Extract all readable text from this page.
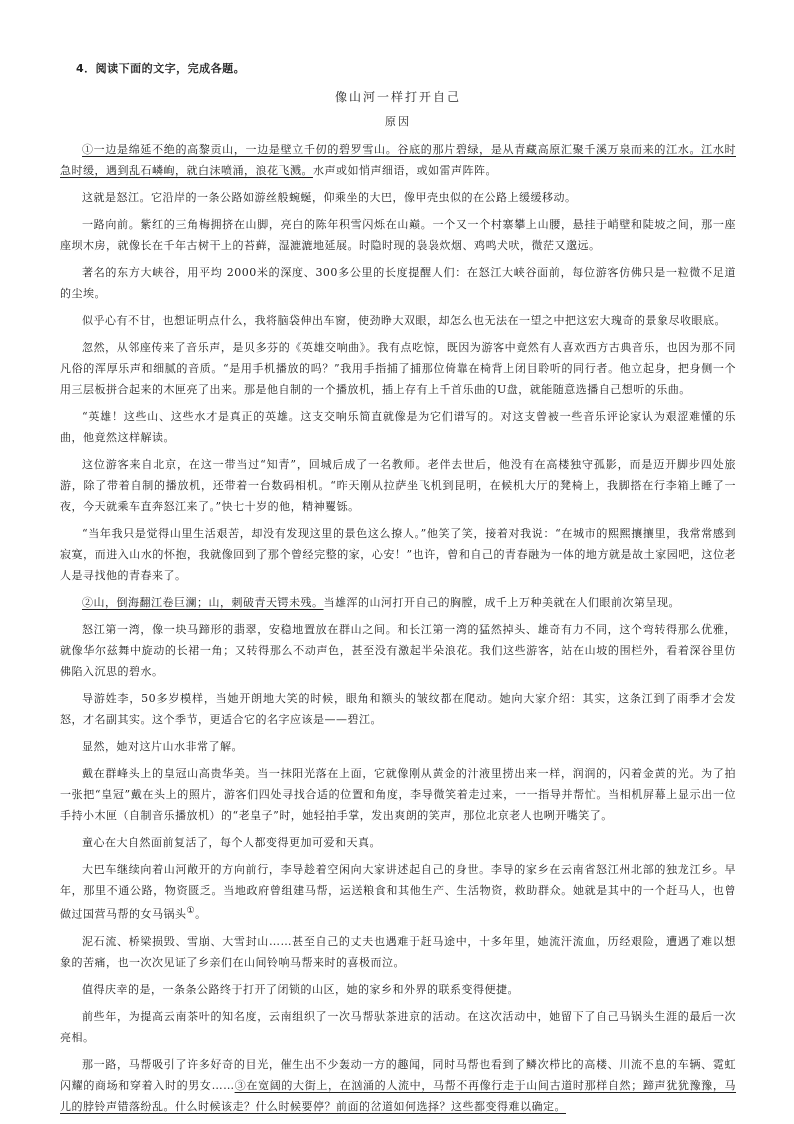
4．阅读下面的文字，完成各题。
像山河一样打开自己
原因

①一边是绵延不绝的高黎贡山，一边是壁立千仞的碧罗雪山。谷底的那片碧绿，是从青藏高原汇聚千溪万泉而来的江水。江水时急时缓，遇到乱石嶙峋，就白沫喷涌，浪花飞溅。水声或如悄声细语，或如雷声阵阵。

这就是怒江。它沿岸的一条公路如游丝般蜿蜒，仰乘坐的大巴，像甲壳虫似的在公路上缓缓移动。

一路向前。紫红的三角梅拥挤在山脚，亮白的陈年积雪闪烁在山巅。一个又一个村寨攀上山腰，悬挂于峭壁和陡坡之间，那一座座坝木房，就像长在千年古树干上的苔藓，湿漉漉地延展。时隐时现的袅袅炊烟、鸡鸣犬吠，微茫又邈远。

著名的东方大峡谷，用平均 2000米的深度、300多公里的长度提醒人们：在怒江大峡谷面前，每位游客仿佛只是一粒微不足道的尘埃。

似乎心有不甘，也想证明点什么，我将脑袋伸出车窗，使劲睁大双眼，却怎么也无法在一望之中把这宏大瑰奇的景象尽收眼底。

忽然，从邻座传来了音乐声，是贝多芬的《英雄交响曲》。我有点吃惊，既因为游客中竟然有人喜欢西方古典音乐，也因为那不同凡俗的浑厚乐声和细腻的音质。“是用手机播放的吗？”我用手指捕了捕那位倚靠在椅背上闭目聆听的同行者。他立起身，把身侧一个用三层板拼合起来的木匣亮了出来。那是他自制的一个播放机，插上存有上千首乐曲的U盘，就能随意选播自己想听的乐曲。

“英雄！这些山、这些水才是真正的英雄。这支交响乐简直就像是为它们谱写的。对这支曾被一些音乐评论家认为艰涩难懂的乐曲，他竟然这样解读。

这位游客来自北京，在这一带当过“知青”，回城后成了一名教师。老伴去世后，他没有在高楼独守孤影，而是迈开脚步四处旅游，除了带着自制的播放机，还带着一台数码相机。“昨天刚从拉萨坐飞机到昆明，在候机大厅的凳椅上，我脚搭在行李箱上睡了一夜，今天就乘车直奔怒江来了。”快七十岁的他，精神矍铄。

“当年我只是觉得山里生活艰苦，却没有发现这里的景色这么撩人。”他笑了笑，接着对我说：“在城市的熙熙攘攘里，我常常感到寂寞，而进入山水的怀抱，我就像回到了那个曾经完整的家，心安！”也许，曾和自己的青春融为一体的地方就是故土家园吧，这位老人是寻找他的青春来了。

②山，倒海翻江卷巨澜；山，刺破青天锷未残。当雄浑的山河打开自己的胸膛，成千上万种美就在人们眼前次第呈现。

怒江第一湾，像一块马蹄形的翡翠，安稳地置放在群山之间。和长江第一湾的猛然掉头、雄奇有力不同，这个弯转得那么优雅，就像华尔兹舞中旋动的长裙一角；又转得那么不动声色，甚至没有激起半朵浪花。我们这些游客，站在山坡的围栏外，看着深谷里仿佛陷入沉思的碧水。

导游姓李，50多岁模样，当她开朗地大笑的时候，眼角和额头的皱纹都在爬动。她向大家介绍：其实，这条江到了雨季才会发怒，才名副其实。这个季节，更适合它的名字应该是——碧江。

显然，她对这片山水非常了解。

戴在群峰头上的皇冠山高贵华美。当一抹阳光落在上面，它就像刚从黄金的汁液里捞出来一样，润润的，闪着金黄的光。为了拍一张把“皇冠”戴在头上的照片，游客们四处寻找合适的位置和角度，李导微笑着走过来，一一指导并帮忙。当相机屏幕上显示出一位手持小木匣（自制音乐播放机）的“老皇子”时，她轻拍手掌，发出爽朗的笑声，那位北京老人也咧开嘴笑了。

童心在大自然面前复活了，每个人都变得更加可爱和天真。

大巴车继续向着山河敞开的方向前行，李导趁着空闲向大家讲述起自己的身世。李导的家乡在云南省怒江州北部的独龙江乡。早年，那里不通公路，物资匮乏。当地政府曾组建马帮，运送粮食和其他生产、生活物资，救助群众。她就是其中的一个赶马人，也曾做过国营马帮的女马锅头①。

泥石流、桥梁损毁、雪崩、大雪封山……甚至自己的丈夫也遇难于赶马途中，十多年里，她流汗流血，历经艰险，遭遇了难以想象的苦痛，也一次次见证了乡亲们在山间铃响马帮来时的喜极而泣。

值得庆幸的是，一条条公路终于打开了闭锁的山区，她的家乡和外界的联系变得便捷。

前些年，为提高云南茶叶的知名度，云南组织了一次马帮驮茶进京的活动。在这次活动中，她留下了自己马锅头生涯的最后一次亮相。

那一路，马帮吸引了许多好奇的目光，催生出不少轰动一方的趣闻，同时马帮也看到了鳞次栉比的高楼、川流不息的车辆、霓虹闪耀的商场和穿着入时的男女……③在宽阔的大街上，在汹涌的人流中，马帮不再像行走于山间古道时那样自然；蹄声犹犹豫豫，马儿的脖铃声错落纷乱。什么时候该走？什么时候要停？前面的岔道如何选择？这些都变得难以确定。
